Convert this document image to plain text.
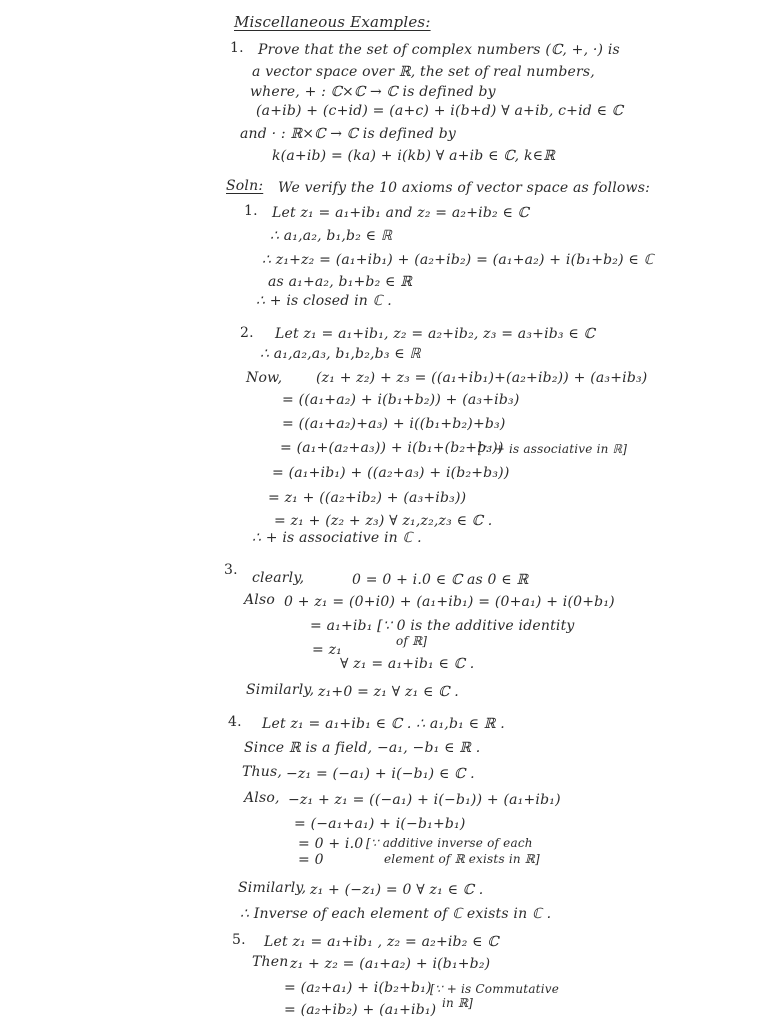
Miscellaneous Examples:
1. Prove that the set of complex numbers (ℂ, +, ·) is
a vector space over ℝ, the set of real numbers,
where, + : ℂ×ℂ → ℂ is defined by
(a+ib) + (c+id) = (a+c) + i(b+d) ∀ a+ib, c+id ∈ ℂ
and · : ℝ×ℂ → ℂ is defined by
k(a+ib) = (ka) + i(kb) ∀ a+ib ∈ ℂ, k∈ℝ
Soln: We verify the 10 axioms of vector space as follows:
1. Let z₁ = a₁+ib₁ and z₂ = a₂+ib₂ ∈ ℂ
∴ a₁,a₂, b₁,b₂ ∈ ℝ
∴ z₁+z₂ = (a₁+ib₁) + (a₂+ib₂) = (a₁+a₂) + i(b₁+b₂) ∈ ℂ
as a₁+a₂, b₁+b₂ ∈ ℝ
∴ + is closed in ℂ .
2. Let z₁ = a₁+ib₁, z₂ = a₂+ib₂, z₃ = a₃+ib₃ ∈ ℂ
∴ a₁,a₂,a₃, b₁,b₂,b₃ ∈ ℝ
Now, (z₁ + z₂) + z₃ = ((a₁+ib₁)+(a₂+ib₂)) + (a₃+ib₃)
= ((a₁+a₂) + i(b₁+b₂)) + (a₃+ib₃)
= ((a₁+a₂)+a₃) + i((b₁+b₂)+b₃)
= (a₁+(a₂+a₃)) + i(b₁+(b₂+b₃))
[∵ + is associative in ℝ]
= (a₁+ib₁) + ((a₂+a₃) + i(b₂+b₃))
= z₁ + ((a₂+ib₂) + (a₃+ib₃))
= z₁ + (z₂ + z₃) ∀ z₁,z₂,z₃ ∈ ℂ .
∴ + is associative in ℂ .
3. clearly,	0 = 0 + i.0 ∈ ℂ as 0 ∈ ℝ
Also 0 + z₁ = (0+i0) + (a₁+ib₁) = (0+a₁) + i(0+b₁)
= a₁+ib₁ [∵ 0 is the additive identity
of ℝ]
= z₁
∀ z₁ = a₁+ib₁ ∈ ℂ .
Similarly, z₁+0 = z₁ ∀ z₁ ∈ ℂ .
4. Let z₁ = a₁+ib₁ ∈ ℂ . ∴ a₁,b₁ ∈ ℝ .
Since ℝ is a field, −a₁, −b₁ ∈ ℝ .
Thus, −z₁ = (−a₁) + i(−b₁) ∈ ℂ .
Also, −z₁ + z₁ = ((−a₁) + i(−b₁)) + (a₁+ib₁)
= (−a₁+a₁) + i(−b₁+b₁)
= 0 + i.0 [∵ additive inverse of each
element of ℝ exists in ℝ]
= 0
Similarly, z₁ + (−z₁) = 0 ∀ z₁ ∈ ℂ .
∴ Inverse of each element of ℂ exists in ℂ .
5. Let z₁ = a₁+ib₁ , z₂ = a₂+ib₂ ∈ ℂ
Then z₁ + z₂ = (a₁+a₂) + i(b₁+b₂)
= (a₂+a₁) + i(b₂+b₁)
[∵ + is Commutative
in ℝ]
= (a₂+ib₂) + (a₁+ib₁)
